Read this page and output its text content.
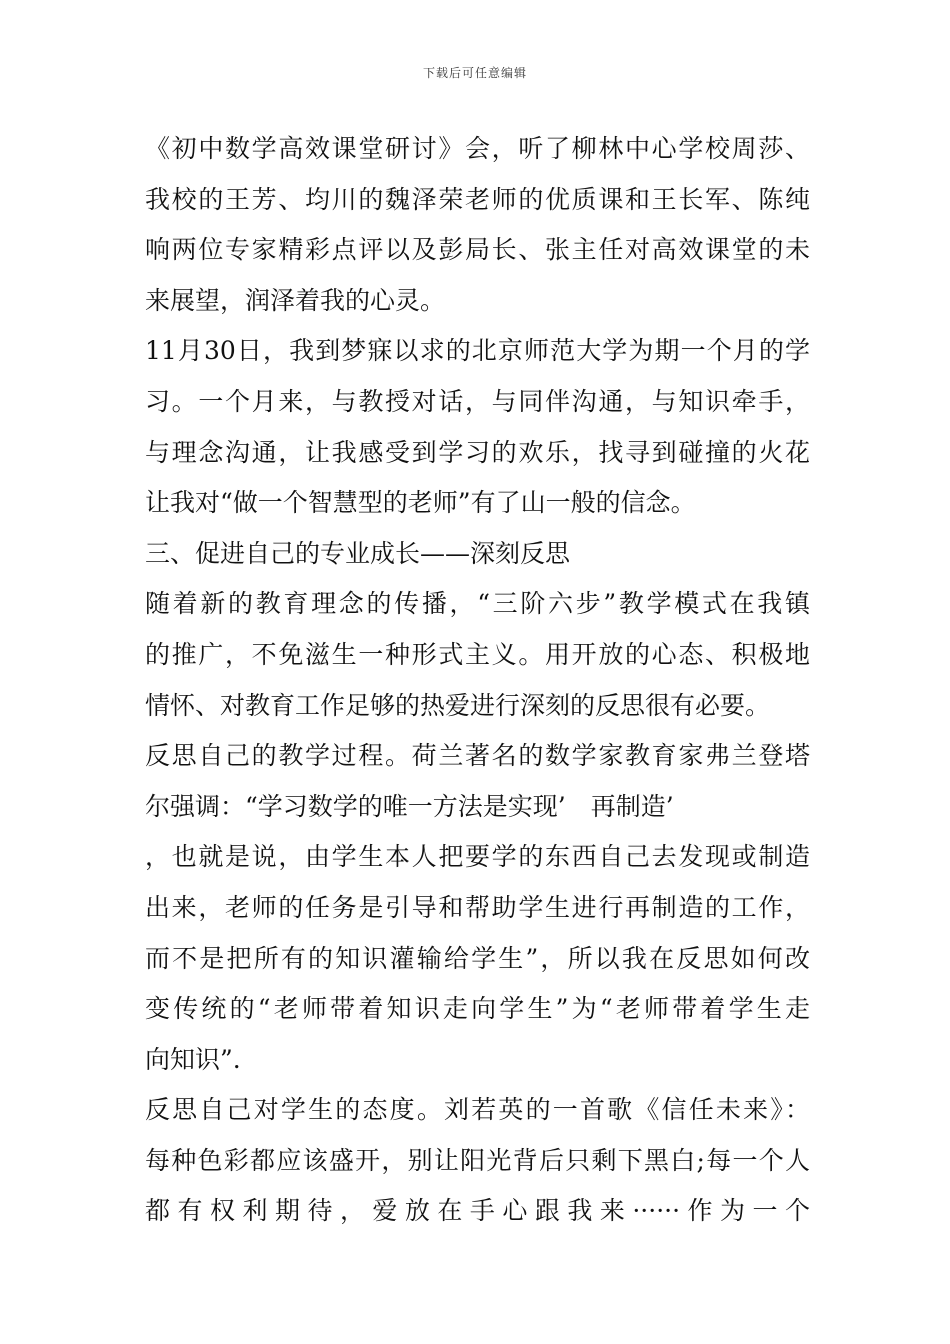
下载后可任意编辑
《初中数学高效课堂研讨》会，听了柳林中心学校周莎、
我校的王芳、均川的魏泽荣老师的优质课和王长军、陈纯
响两位专家精彩点评以及彭局长、张主任对高效课堂的未
来展望，润泽着我的心灵。
11月30日，我到梦寐以求的北京师范大学为期一个月的学
习。一个月来，与教授对话，与同伴沟通，与知识牵手，
与理念沟通，让我感受到学习的欢乐，找寻到碰撞的火花
让我对“做一个智慧型的老师”有了山一般的信念。
三、促进自己的专业成长——深刻反思
随着新的教育理念的传播，“三阶六步”教学模式在我镇
的推广，不免滋生一种形式主义。用开放的心态、积极地
情怀、对教育工作足够的热爱进行深刻的反思很有必要。
反思自己的教学过程。荷兰著名的数学家教育家弗兰登塔
尔强调：“学习数学的唯一方法是实现’　再制造’
，也就是说，由学生本人把要学的东西自己去发现或制造
出来，老师的任务是引导和帮助学生进行再制造的工作，
而不是把所有的知识灌输给学生”，所以我在反思如何改
变传统的“老师带着知识走向学生”为“老师带着学生走
向知识”.
反思自己对学生的态度。刘若英的一首歌《信任未来》：
每种色彩都应该盛开，别让阳光背后只剩下黑白;每一个人
都有权利期待，爱放在手心跟我来······作为一个
